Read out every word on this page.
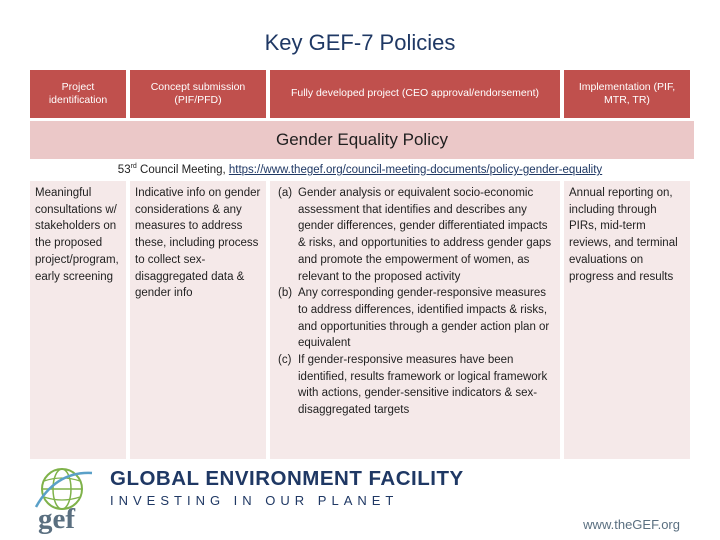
Key GEF-7 Policies
Project identification
Concept submission (PIF/PFD)
Fully developed project (CEO approval/endorsement)
Implementation (PIF, MTR, TR)
Gender Equality Policy
53rd Council Meeting, https://www.thegef.org/council-meeting-documents/policy-gender-equality
Meaningful consultations w/ stakeholders on the proposed project/program, early screening
Indicative info on gender considerations & any measures to address these, including process to collect sex-disaggregated data & gender info
(a) Gender analysis or equivalent socio-economic assessment that identifies and describes any gender differences, gender differentiated impacts & risks, and opportunities to address gender gaps and promote the empowerment of women, as relevant to the proposed activity
(b) Any corresponding gender-responsive measures to address differences, identified impacts & risks, and opportunities through a gender action plan or equivalent
(c) If gender-responsive measures have been identified, results framework or logical framework with actions, gender-sensitive indicators & sex-disaggregated targets
Annual reporting on, including through PIRs, mid-term reviews, and terminal evaluations on progress and results
gef
GLOBAL ENVIRONMENT FACILITY
INVESTING IN OUR PLANET
www.theGEF.org
